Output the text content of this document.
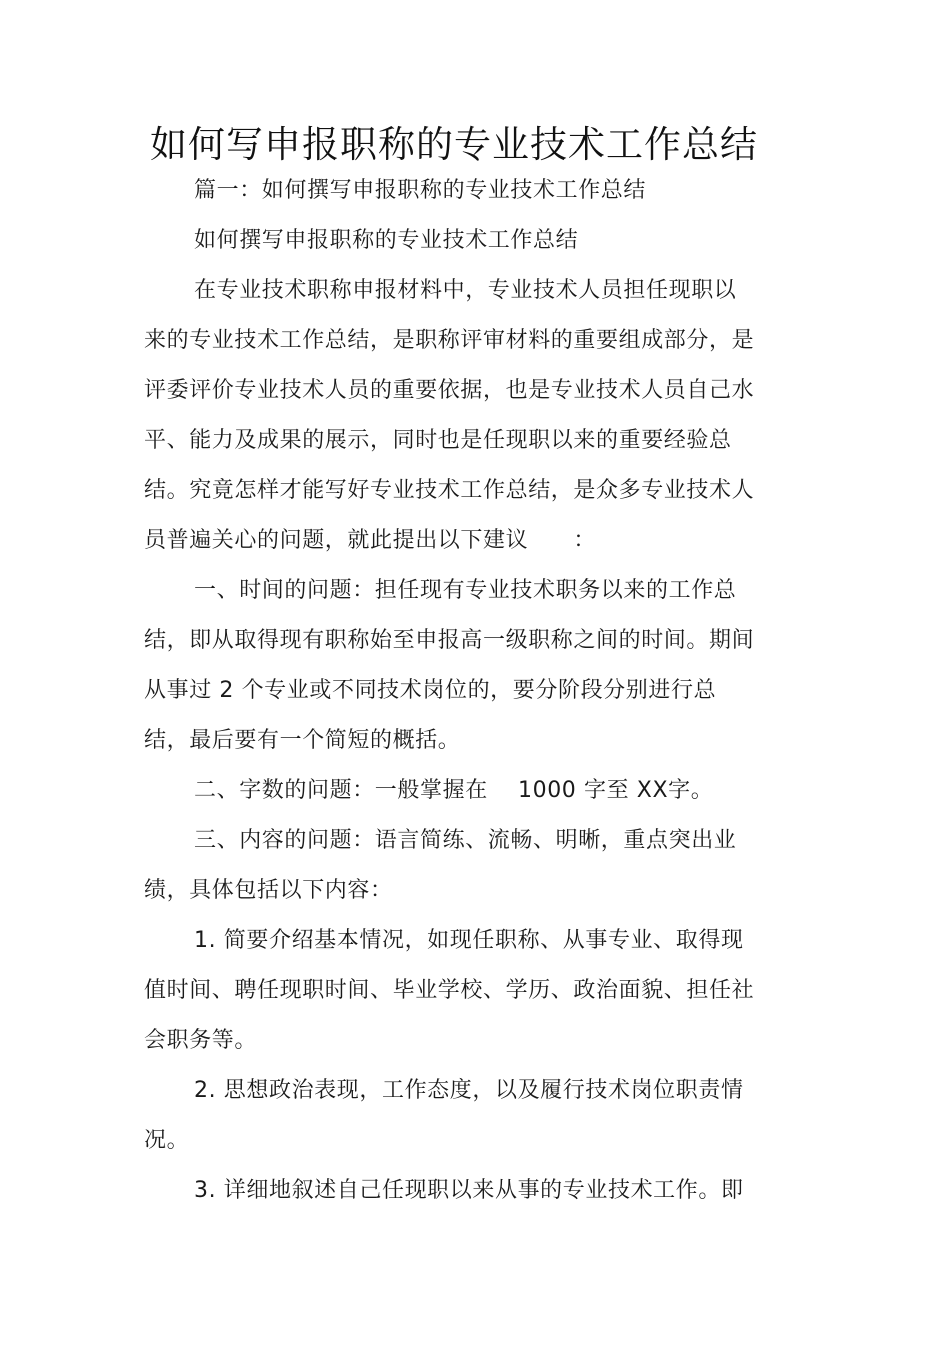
如何写申报职称的专业技术工作总结

篇一：如何撰写申报职称的专业技术工作总结

如何撰写申报职称的专业技术工作总结

在专业技术职称申报材料中，专业技术人员担任现职以来的专业技术工作总结，是职称评审材料的重要组成部分，是评委评价专业技术人员的重要依据，也是专业技术人员自己水平、能力及成果的展示，同时也是任现职以来的重要经验总结。究竟怎样才能写好专业技术工作总结，是众多专业技术人员普遍关心的问题，就此提出以下建议　　：

一、时间的问题：担任现有专业技术职务以来的工作总结，即从取得现有职称始至申报高一级职称之间的时间。期间从事过 2 个专业或不同技术岗位的，要分阶段分别进行总结，最后要有一个简短的概括。

二、字数的问题：一般掌握在　 1000 字至 XX字。

三、内容的问题：语言简练、流畅、明晰，重点突出业绩，具体包括以下内容：

1. 简要介绍基本情况，如现任职称、从事专业、取得现值时间、聘任现职时间、毕业学校、学历、政治面貌、担任社会职务等。

2. 思想政治表现，工作态度，以及履行技术岗位职责情况。

3. 详细地叙述自己任现职以来从事的专业技术工作。即
